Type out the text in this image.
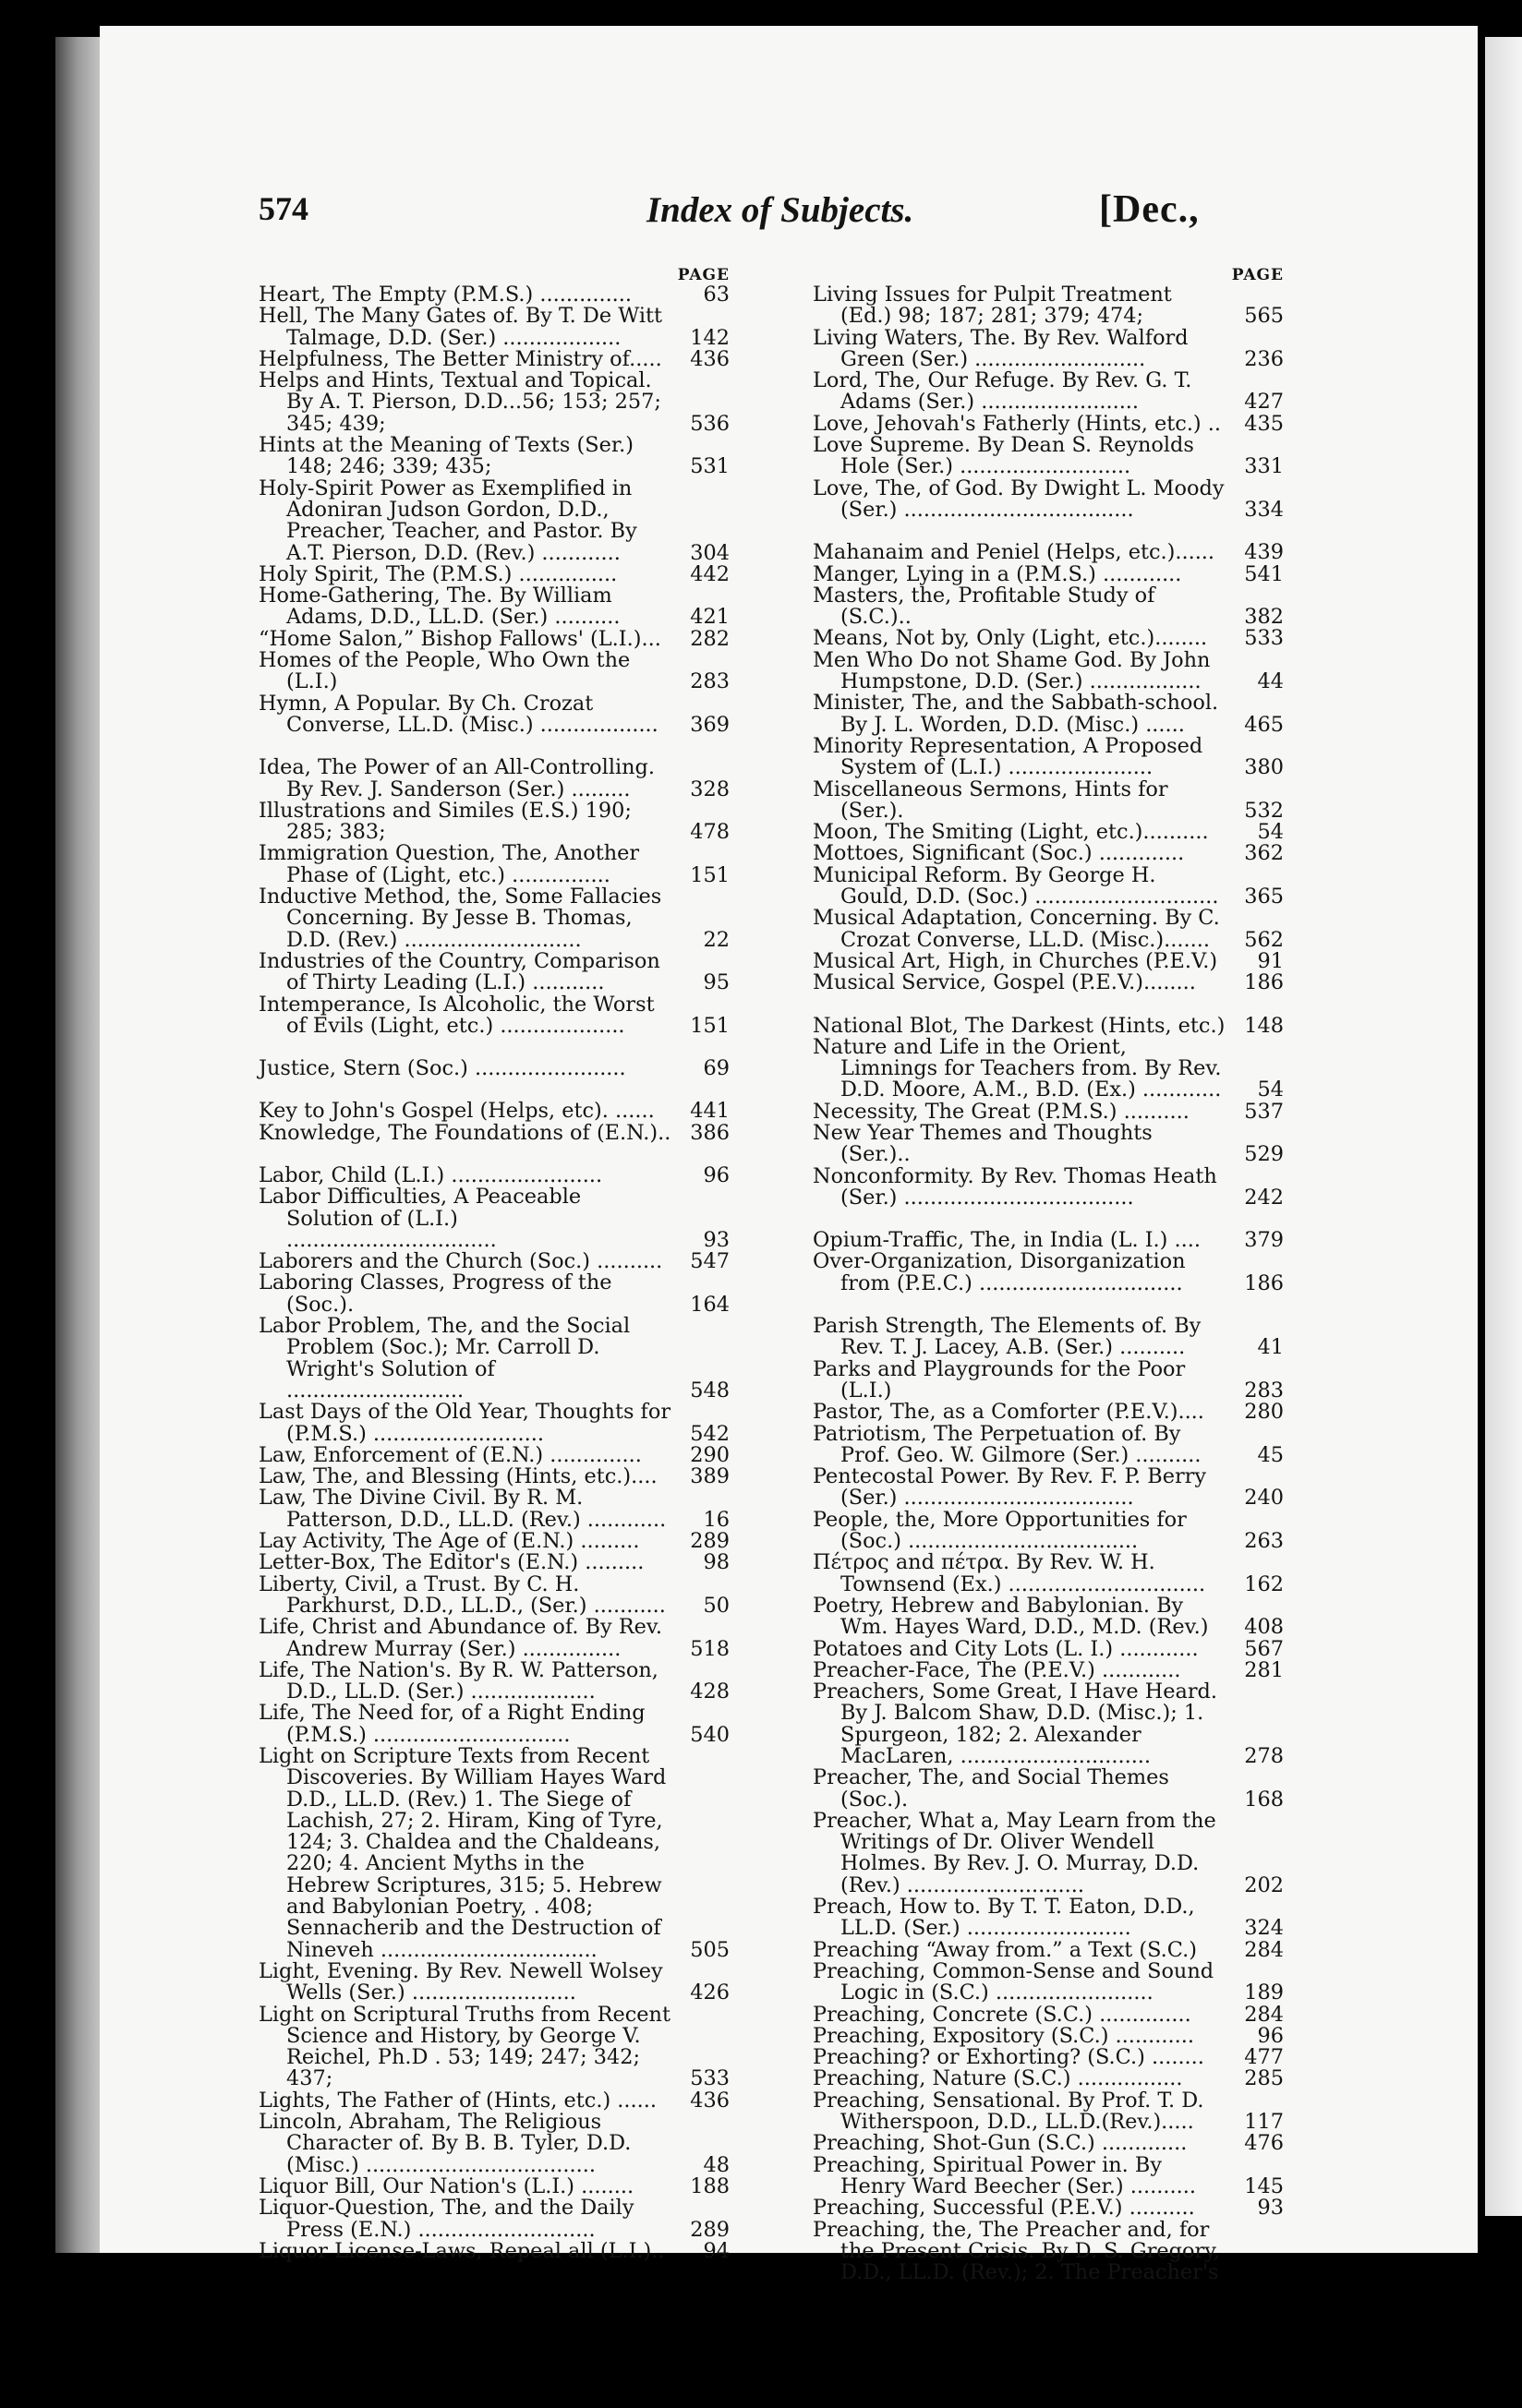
574	Index of Subjects.	[Dec.,
PAGE
Heart, The Empty (P.M.S.) ..............	63
Hell, The Many Gates of. By T. De Witt Talmage, D.D. (Ser.) ..................	142
Helpfulness, The Better Ministry of.....	436
Helps and Hints, Textual and Topical. By A. T. Pierson, D.D...56; 153; 257; 345; 439;	536
Hints at the Meaning of Texts (Ser.) 148; 246; 339; 435;	531
Holy-Spirit Power as Exemplified in Adoniran Judson Gordon, D.D., Preacher, Teacher, and Pastor. By A.T. Pierson, D.D. (Rev.) ............	304
Holy Spirit, The (P.M.S.) ...............	442
Home-Gathering, The. By William Adams, D.D., LL.D. (Ser.) ..........	421
“Home Salon,” Bishop Fallows' (L.I.)...	282
Homes of the People, Who Own the (L.I.)	283
Hymn, A Popular. By Ch. Crozat Converse, LL.D. (Misc.) ..................	369
Idea, The Power of an All-Controlling. By Rev. J. Sanderson (Ser.) .........	328
Illustrations and Similes (E.S.) 190; 285; 383;	478
Immigration Question, The, Another Phase of (Light, etc.) ...............	151
Inductive Method, the, Some Fallacies Concerning. By Jesse B. Thomas, D.D. (Rev.) ...........................	22
Industries of the Country, Comparison of Thirty Leading (L.I.) ...........	95
Intemperance, Is Alcoholic, the Worst of Evils (Light, etc.) ...................	151
Justice, Stern (Soc.) .......................	69
Key to John's Gospel (Helps, etc). ......	441
Knowledge, The Foundations of (E.N.).. 386
Labor, Child (L.I.) .......................	96
Labor Difficulties, A Peaceable Solution of (L.I.) ................................	93
Laborers and the Church (Soc.) ..........	547
Laboring Classes, Progress of the (Soc.).	164
Labor Problem, The, and the Social Problem (Soc.); Mr. Carroll D. Wright's Solution of ...........................	548
Last Days of the Old Year, Thoughts for (P.M.S.) ..........................	542
Law, Enforcement of (E.N.) ..............	290
Law, The, and Blessing (Hints, etc.)....	389
Law, The Divine Civil. By R. M. Patterson, D.D., LL.D. (Rev.) ............	16
Lay Activity, The Age of (E.N.) .........	289
Letter-Box, The Editor's (E.N.) .........	98
Liberty, Civil, a Trust. By C. H. Parkhurst, D.D., LL.D., (Ser.) ...........	50
Life, Christ and Abundance of. By Rev. Andrew Murray (Ser.) ...............	518
Life, The Nation's. By R. W. Patterson, D.D., LL.D. (Ser.) ...................	428
Life, The Need for, of a Right Ending (P.M.S.) ..............................	540
Light on Scripture Texts from Recent Discoveries. By William Hayes Ward D.D., LL.D. (Rev.) 1. The Siege of Lachish, 27; 2. Hiram, King of Tyre, 124; 3. Chaldea and the Chaldeans, 220; 4. Ancient Myths in the Hebrew Scriptures, 315; 5. Hebrew and Babylonian Poetry, . 408; Sennacherib and the Destruction of Nineveh .................................	505
Light, Evening. By Rev. Newell Wolsey Wells (Ser.) .........................	426
Light on Scriptural Truths from Recent Science and History, by George V. Reichel, Ph.D . 53; 149; 247; 342; 437;	533
Lights, The Father of (Hints, etc.) ......	436
Lincoln, Abraham, The Religious Character of. By B. B. Tyler, D.D. (Misc.) ...................................	48
Liquor Bill, Our Nation's (L.I.) ........	188
Liquor-Question, The, and the Daily Press (E.N.) ...........................	289
Liquor License-Laws, Repeal all (L.I.)..	94
PAGE
Living Issues for Pulpit Treatment (Ed.) 98; 187; 281; 379; 474;	565
Living Waters, The. By Rev. Walford Green (Ser.) ..........................	236
Lord, The, Our Refuge. By Rev. G. T. Adams (Ser.) ........................	427
Love, Jehovah's Fatherly (Hints, etc.) ..	435
Love Supreme. By Dean S. Reynolds Hole (Ser.) ..........................	331
Love, The, of God. By Dwight L. Moody (Ser.) ...................................	334
Mahanaim and Peniel (Helps, etc.)......	439
Manger, Lying in a (P.M.S.) ............	541
Masters, the, Profitable Study of (S.C.)..	382
Means, Not by, Only (Light, etc.)........	533
Men Who Do not Shame God. By John Humpstone, D.D. (Ser.) .................	44
Minister, The, and the Sabbath-school. By J. L. Worden, D.D. (Misc.) ......	465
Minority Representation, A Proposed System of (L.I.) ......................	380
Miscellaneous Sermons, Hints for (Ser.).	532
Moon, The Smiting (Light, etc.)..........	54
Mottoes, Significant (Soc.) .............	362
Municipal Reform. By George H. Gould, D.D. (Soc.) ............................	365
Musical Adaptation, Concerning. By C. Crozat Converse, LL.D. (Misc.).......	562
Musical Art, High, in Churches (P.E.V.)	91
Musical Service, Gospel (P.E.V.)........	186
National Blot, The Darkest (Hints, etc.) 148
Nature and Life in the Orient, Limnings for Teachers from. By Rev. D.D. Moore, A.M., B.D. (Ex.) ............	54
Necessity, The Great (P.M.S.) ..........	537
New Year Themes and Thoughts (Ser.)..	529
Nonconformity. By Rev. Thomas Heath (Ser.) ...................................	242
Opium-Traffic, The, in India (L. I.) ....	379
Over-Organization, Disorganization from (P.E.C.) ...............................	186
Parish Strength, The Elements of. By Rev. T. J. Lacey, A.B. (Ser.) ..........	41
Parks and Playgrounds for the Poor (L.I.)	283
Pastor, The, as a Comforter (P.E.V.)....	280
Patriotism, The Perpetuation of. By Prof. Geo. W. Gilmore (Ser.) ..........	45
Pentecostal Power. By Rev. F. P. Berry (Ser.) ...................................	240
People, the, More Opportunities for (Soc.) ...................................	263
Πέτρος and πέτρα. By Rev. W. H. Townsend (Ex.) ..............................	162
Poetry, Hebrew and Babylonian. By Wm. Hayes Ward, D.D., M.D. (Rev.)	408
Potatoes and City Lots (L. I.) ............	567
Preacher-Face, The (P.E.V.) ............	281
Preachers, Some Great, I Have Heard. By J. Balcom Shaw, D.D. (Misc.); 1. Spurgeon, 182; 2. Alexander MacLaren, .............................	278
Preacher, The, and Social Themes (Soc.).	168
Preacher, What a, May Learn from the Writings of Dr. Oliver Wendell Holmes. By Rev. J. O. Murray, D.D. (Rev.) ...........................	202
Preach, How to. By T. T. Eaton, D.D., LL.D. (Ser.) .........................	324
Preaching “Away from.” a Text (S.C.)	284
Preaching, Common-Sense and Sound Logic in (S.C.) ........................	189
Preaching, Concrete (S.C.) ..............	284
Preaching, Expository (S.C.) ............	96
Preaching? or Exhorting? (S.C.) ........	477
Preaching, Nature (S.C.) ................	285
Preaching, Sensational. By Prof. T. D. Witherspoon, D.D., LL.D.(Rev.).....	117
Preaching, Shot-Gun (S.C.) .............	476
Preaching, Spiritual Power in. By Henry Ward Beecher (Ser.) ..........	145
Preaching, Successful (P.E.V.) ..........	93
Preaching, the, The Preacher and, for the Present Crisis. By D. S. Gregory, D.D., LL.D. (Rev.); 2. The Preacher's
